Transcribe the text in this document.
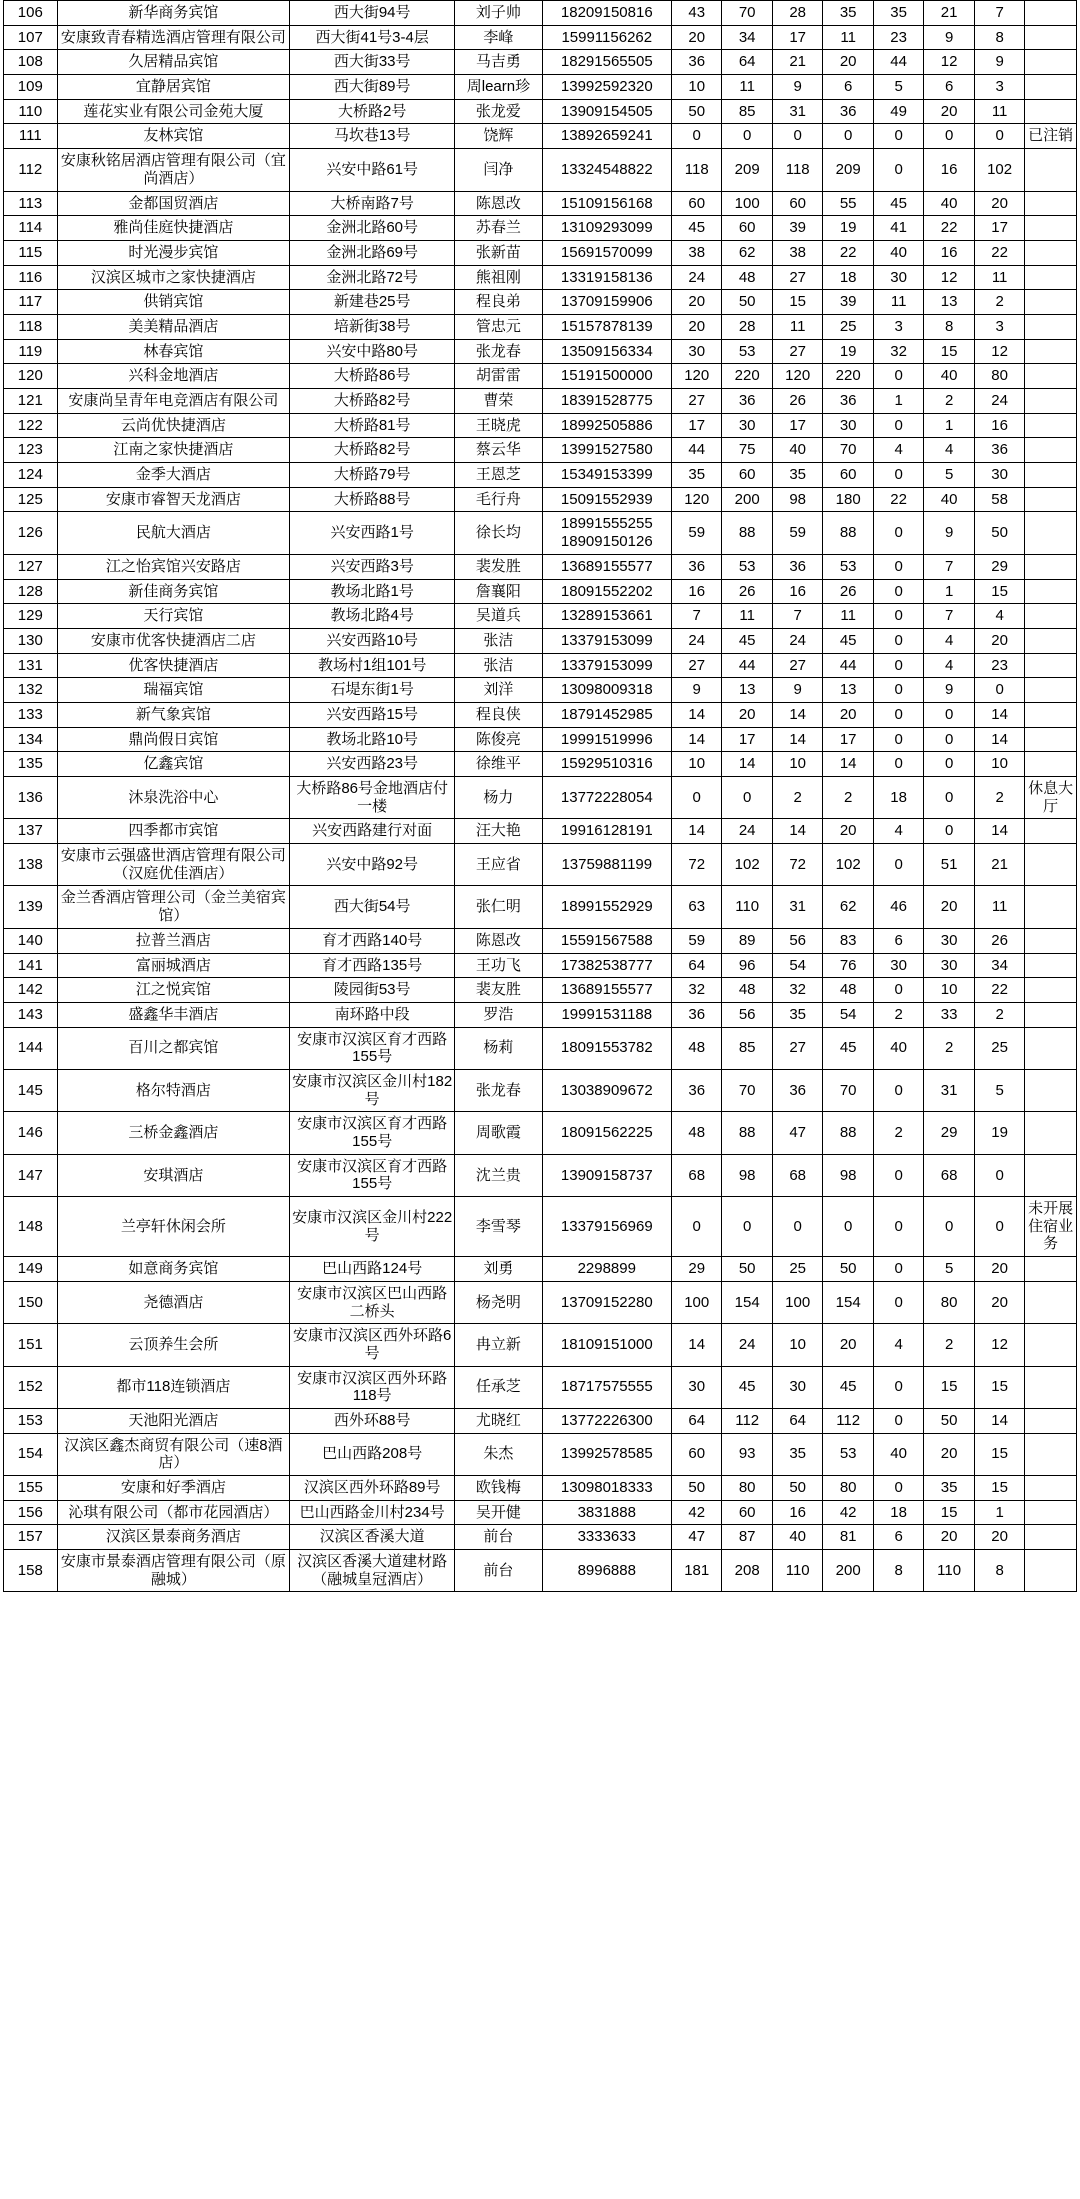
106	新华商务宾馆	西大街94号	刘子帅	18209150816	43	70	28	35	35	21	7	
107	安康致青春精选酒店管理有限公司	西大街41号3-4层	李峰	15991156262	20	34	17	11	23	9	8	
108	久居精品宾馆	西大街33号	马吉勇	18291565505	36	64	21	20	44	12	9	
109	宜静居宾馆	西大街89号	周learn珍	13992592320	10	11	9	6	5	6	3	
110	莲花实业有限公司金苑大厦	大桥路2号	张龙爱	13909154505	50	85	31	36	49	20	11	
111	友林宾馆	马坎巷13号	饶辉	13892659241	0	0	0	0	0	0	0	已注销
112	安康秋铭居酒店管理有限公司（宜尚酒店）	兴安中路61号	闫净	13324548822	118	209	118	209	0	16	102	
113	金都国贸酒店	大桥南路7号	陈恩改	15109156168	60	100	60	55	45	40	20	
114	雅尚佳庭快捷酒店	金洲北路60号	苏春兰	13109293099	45	60	39	19	41	22	17	
115	时光漫步宾馆	金洲北路69号	张新苗	15691570099	38	62	38	22	40	16	22	
116	汉滨区城市之家快捷酒店	金洲北路72号	熊祖刚	13319158136	24	48	27	18	30	12	11	
117	供销宾馆	新建巷25号	程良弟	13709159906	20	50	15	39	11	13	2	
118	美美精品酒店	培新街38号	管忠元	15157878139	20	28	11	25	3	8	3	
119	林春宾馆	兴安中路80号	张龙春	13509156334	30	53	27	19	32	15	12	
120	兴科金地酒店	大桥路86号	胡雷雷	15191500000	120	220	120	220	0	40	80	
121	安康尚呈青年电竞酒店有限公司	大桥路82号	曹荣	18391528775	27	36	26	36	1	2	24	
122	云尚优快捷酒店	大桥路81号	王晓虎	18992505886	17	30	17	30	0	1	16	
123	江南之家快捷酒店	大桥路82号	蔡云华	13991527580	44	75	40	70	4	4	36	
124	金季大酒店	大桥路79号	王恩芝	15349153399	35	60	35	60	0	5	30	
125	安康市睿智天龙酒店	大桥路88号	毛行舟	15091552939	120	200	98	180	22	40	58	
126	民航大酒店	兴安西路1号	徐长均	18991555255 18909150126	59	88	59	88	0	9	50	
127	江之怡宾馆兴安路店	兴安西路3号	裴发胜	13689155577	36	53	36	53	0	7	29	
128	新佳商务宾馆	教场北路1号	詹襄阳	18091552202	16	26	16	26	0	1	15	
129	天行宾馆	教场北路4号	吴道兵	13289153661	7	11	7	11	0	7	4	
130	安康市优客快捷酒店二店	兴安西路10号	张洁	13379153099	24	45	24	45	0	4	20	
131	优客快捷酒店	教场村1组101号	张洁	13379153099	27	44	27	44	0	4	23	
132	瑞福宾馆	石堤东街1号	刘洋	13098009318	9	13	9	13	0	9	0	
133	新气象宾馆	兴安西路15号	程良侠	18791452985	14	20	14	20	0	0	14	
134	鼎尚假日宾馆	教场北路10号	陈俊亮	19991519996	14	17	14	17	0	0	14	
135	亿鑫宾馆	兴安西路23号	徐维平	15929510316	10	14	10	14	0	0	10	
136	沐泉洗浴中心	大桥路86号金地酒店付一楼	杨力	13772228054	0	0	2	2	18	0	2	休息大厅
137	四季都市宾馆	兴安西路建行对面	汪大艳	19916128191	14	24	14	20	4	0	14	
138	安康市云强盛世酒店管理有限公司（汉庭优佳酒店）	兴安中路92号	王应省	13759881199	72	102	72	102	0	51	21	
139	金兰香酒店管理公司（金兰美宿宾馆）	西大街54号	张仁明	18991552929	63	110	31	62	46	20	11	
140	拉普兰酒店	育才西路140号	陈恩改	15591567588	59	89	56	83	6	30	26	
141	富丽城酒店	育才西路135号	王功飞	17382538777	64	96	54	76	30	30	34	
142	江之悦宾馆	陵园街53号	裴友胜	13689155577	32	48	32	48	0	10	22	
143	盛鑫华丰酒店	南环路中段	罗浩	19991531188	36	56	35	54	2	33	2	
144	百川之都宾馆	安康市汉滨区育才西路155号	杨莉	18091553782	48	85	27	45	40	2	25	
145	格尔特酒店	安康市汉滨区金川村182号	张龙春	13038909672	36	70	36	70	0	31	5	
146	三桥金鑫酒店	安康市汉滨区育才西路155号	周歌霞	18091562225	48	88	47	88	2	29	19	
147	安琪酒店	安康市汉滨区育才西路155号	沈兰贵	13909158737	68	98	68	98	0	68	0	
148	兰亭轩休闲会所	安康市汉滨区金川村222号	李雪琴	13379156969	0	0	0	0	0	0	0	未开展住宿业务
149	如意商务宾馆	巴山西路124号	刘勇	2298899	29	50	25	50	0	5	20	
150	尧德酒店	安康市汉滨区巴山西路二桥头	杨尧明	13709152280	100	154	100	154	0	80	20	
151	云顶养生会所	安康市汉滨区西外环路6号	冉立新	18109151000	14	24	10	20	4	2	12	
152	都市118连锁酒店	安康市汉滨区西外环路118号	任承芝	18717575555	30	45	30	45	0	15	15	
153	天池阳光酒店	西外环88号	尤晓红	13772226300	64	112	64	112	0	50	14	
154	汉滨区鑫杰商贸有限公司（速8酒店）	巴山西路208号	朱杰	13992578585	60	93	35	53	40	20	15	
155	安康和好季酒店	汉滨区西外环路89号	欧钱梅	13098018333	50	80	50	80	0	35	15	
156	沁琪有限公司（都市花园酒店）	巴山西路金川村234号	吴开健	3831888	42	60	16	42	18	15	1	
157	汉滨区景泰商务酒店	汉滨区香溪大道	前台	3333633	47	87	40	81	6	20	20	
158	安康市景泰酒店管理有限公司（原融城）	汉滨区香溪大道建材路（融城皇冠酒店）	前台	8996888	181	208	110	200	8	110	8	
